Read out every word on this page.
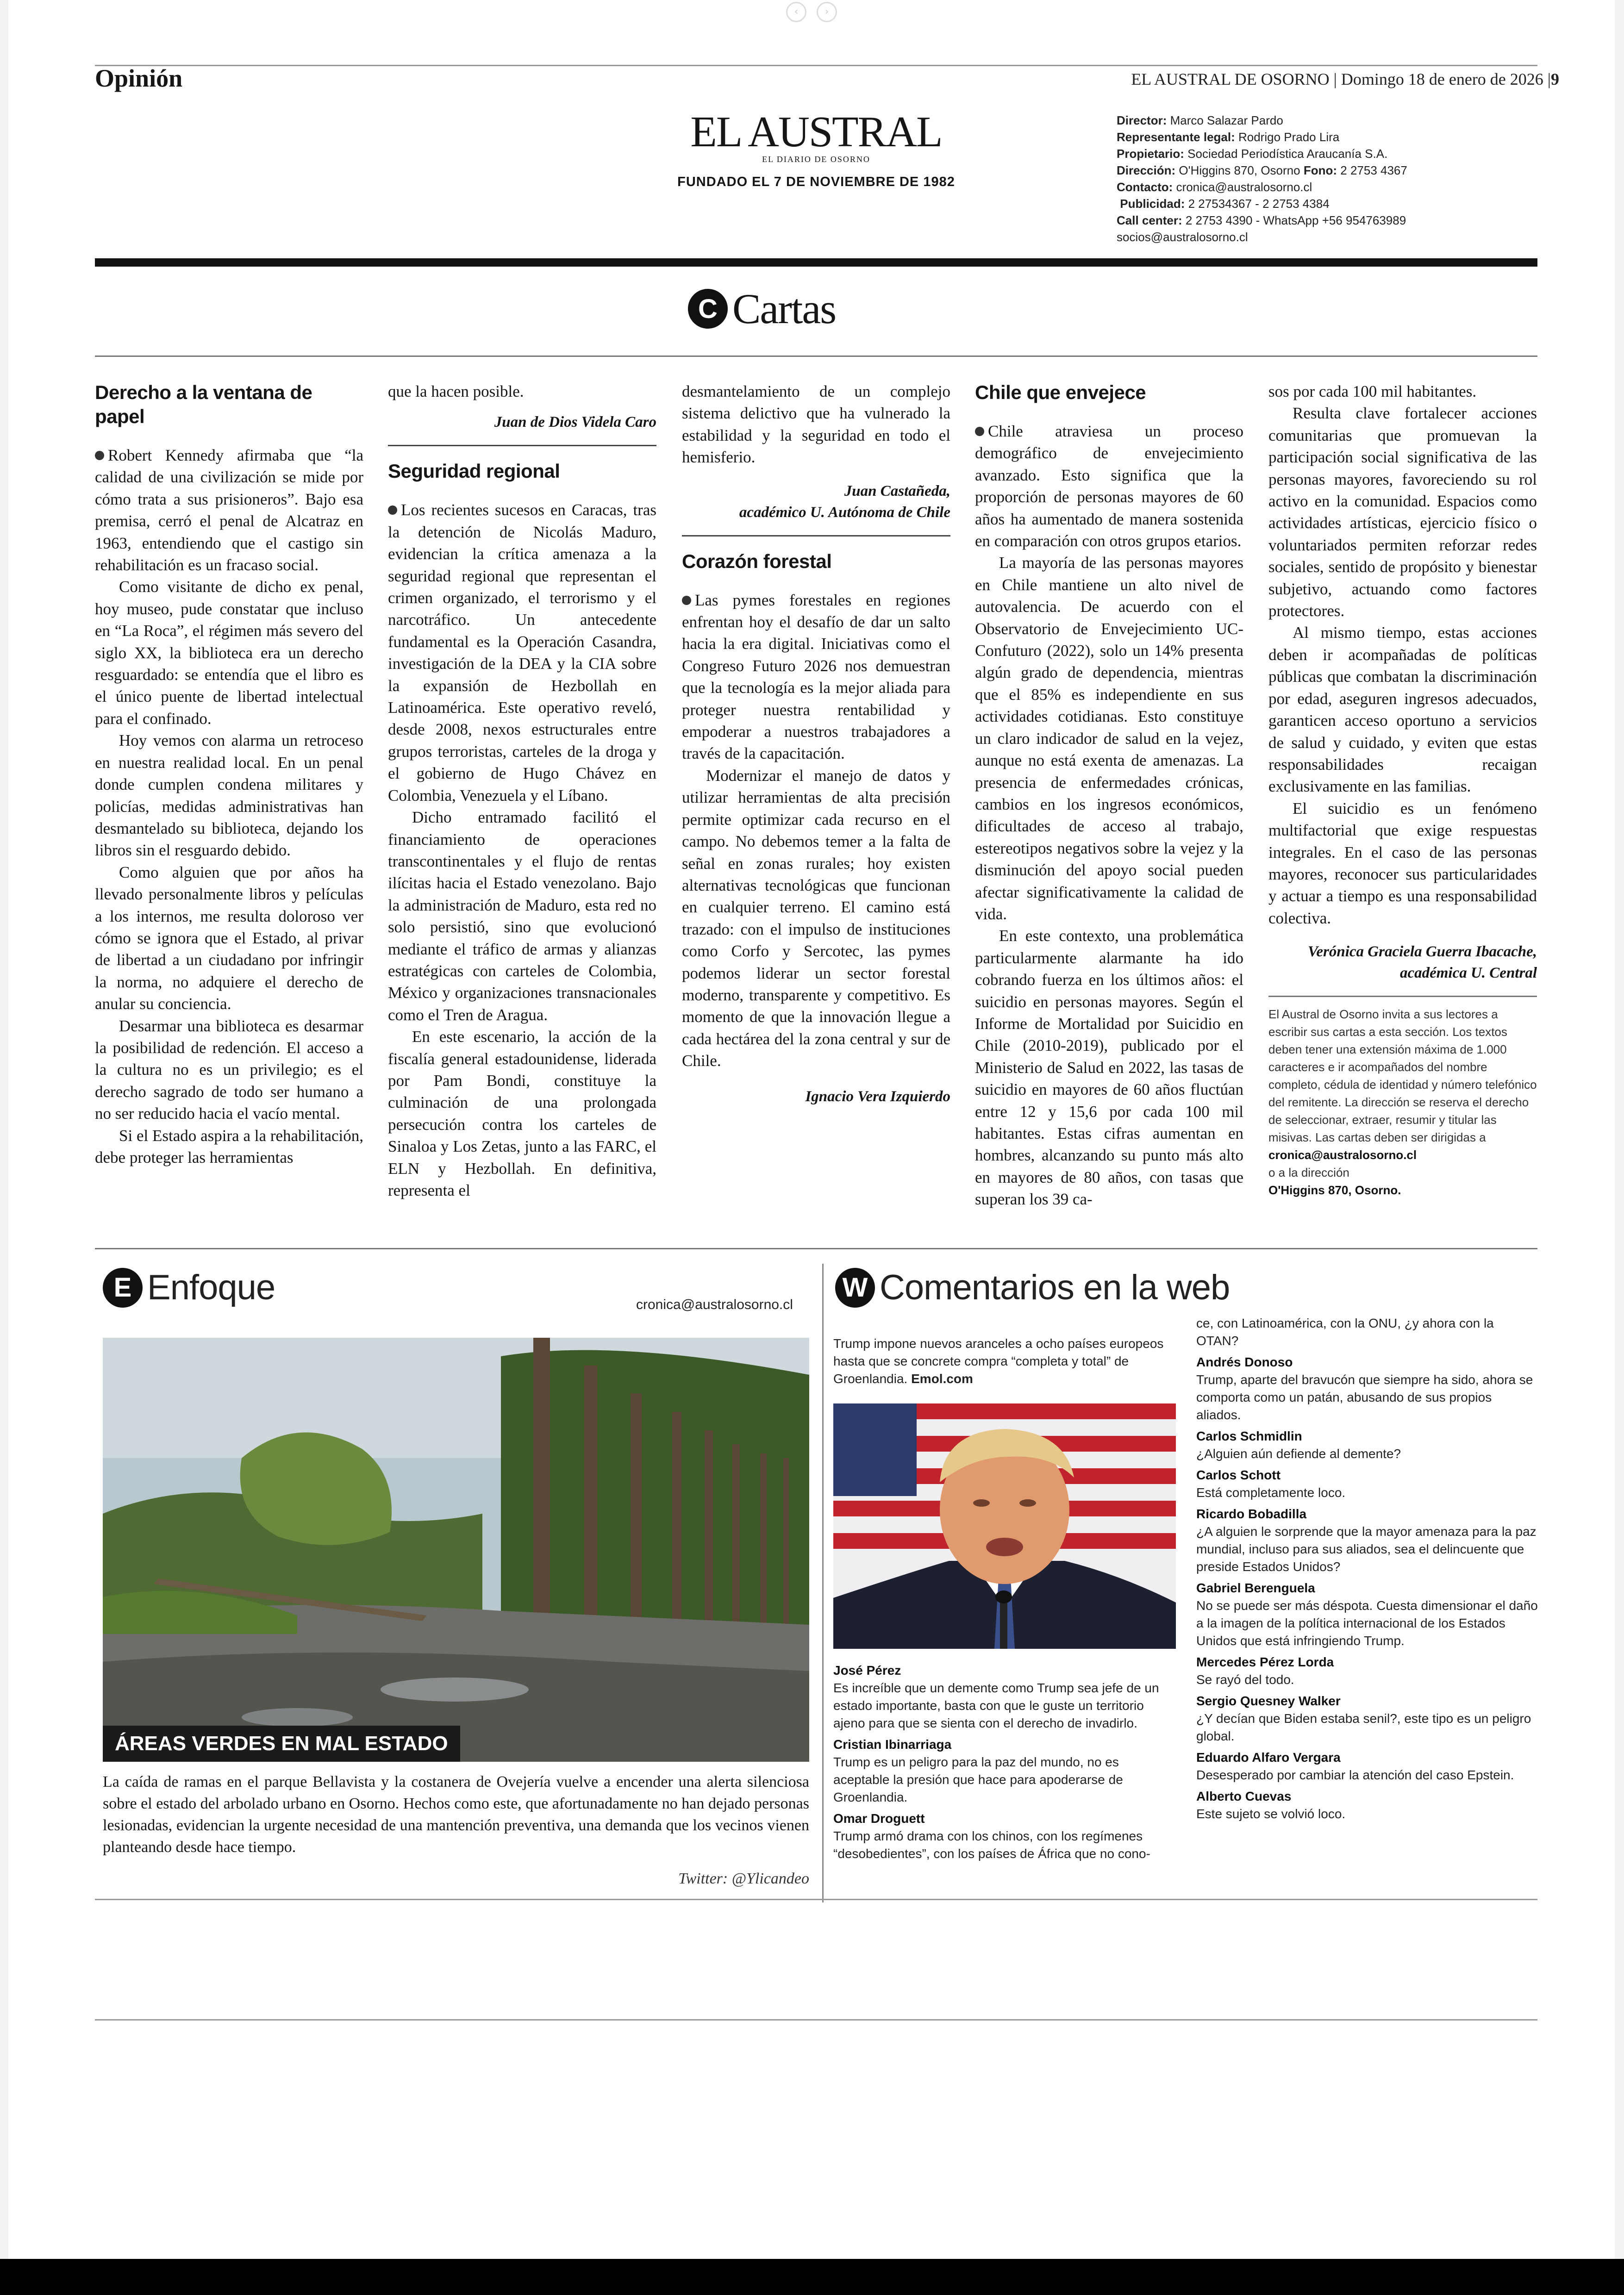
‹	›
Opinión	EL AUSTRAL DE OSORNO | Domingo 18 de enero de 2026 |9
EL AUSTRAL
EL DIARIO DE OSORNO
FUNDADO EL 7 DE NOVIEMBRE DE 1982
Director: Marco Salazar Pardo
Representante legal: Rodrigo Prado Lira
Propietario: Sociedad Periodística Araucanía S.A.
Dirección: O'Higgins 870, Osorno Fono: 2 2753 4367
Contacto: cronica@australosorno.cl
Publicidad: 2 27534367 - 2 2753 4384
Call center: 2 2753 4390 - WhatsApp +56 954763989
socios@australosorno.cl
C Cartas
Derecho a la ventana de papel

Robert Kennedy afirmaba que “la calidad de una civilización se mide por cómo trata a sus prisioneros”. Bajo esa premisa, cerró el penal de Alcatraz en 1963, entendiendo que el castigo sin rehabilitación es un fracaso social.

Como visitante de dicho ex penal, hoy museo, pude constatar que incluso en “La Roca”, el régimen más severo del siglo XX, la biblioteca era un derecho resguardado: se entendía que el libro es el único puente de libertad intelectual para el confinado.

Hoy vemos con alarma un retroceso en nuestra realidad local. En un penal donde cumplen condena militares y policías, medidas administrativas han desmantelado su biblioteca, dejando los libros sin el resguardo debido.

Como alguien que por años ha llevado personalmente libros y películas a los internos, me resulta doloroso ver cómo se ignora que el Estado, al privar de libertad a un ciudadano por infringir la norma, no adquiere el derecho de anular su conciencia.

Desarmar una biblioteca es desarmar la posibilidad de redención. El acceso a la cultura no es un privilegio; es el derecho sagrado de todo ser humano a no ser reducido hacia el vacío mental.

Si el Estado aspira a la rehabilitación, debe proteger las herramientas

que la hacen posible.

Juan de Dios Videla Caro

Seguridad regional

Los recientes sucesos en Caracas, tras la detención de Nicolás Maduro, evidencian la crítica amenaza a la seguridad regional que representan el crimen organizado, el terrorismo y el narcotráfico. Un antecedente fundamental es la Operación Casandra, investigación de la DEA y la CIA sobre la expansión de Hezbollah en Latinoamérica. Este operativo reveló, desde 2008, nexos estructurales entre grupos terroristas, carteles de la droga y el gobierno de Hugo Chávez en Colombia, Venezuela y el Líbano.

Dicho entramado facilitó el financiamiento de operaciones transcontinentales y el flujo de rentas ilícitas hacia el Estado venezolano. Bajo la administración de Maduro, esta red no solo persistió, sino que evolucionó mediante el tráfico de armas y alianzas estratégicas con carteles de Colombia, México y organizaciones transnacionales como el Tren de Aragua.

En este escenario, la acción de la fiscalía general estadounidense, liderada por Pam Bondi, constituye la culminación de una prolongada persecución contra los carteles de Sinaloa y Los Zetas, junto a las FARC, el ELN y Hezbollah. En definitiva, representa el

desmantelamiento de un complejo sistema delictivo que ha vulnerado la estabilidad y la seguridad en todo el hemisferio.

Juan Castañeda,

académico U. Autónoma de Chile

Corazón forestal

Las pymes forestales en regiones enfrentan hoy el desafío de dar un salto hacia la era digital. Iniciativas como el Congreso Futuro 2026 nos demuestran que la tecnología es la mejor aliada para proteger nuestra rentabilidad y empoderar a nuestros trabajadores a través de la capacitación.

Modernizar el manejo de datos y utilizar herramientas de alta precisión permite optimizar cada recurso en el campo. No debemos temer a la falta de señal en zonas rurales; hoy existen alternativas tecnológicas que funcionan en cualquier terreno. El camino está trazado: con el impulso de instituciones como Corfo y Sercotec, las pymes podemos liderar un sector forestal moderno, transparente y competitivo. Es momento de que la innovación llegue a cada hectárea del la zona central y sur de Chile.

Ignacio Vera Izquierdo

Chile que envejece

Chile atraviesa un proceso demográfico de envejecimiento avanzado. Esto significa que la proporción de personas mayores de 60 años ha aumentado de manera sostenida en comparación con otros grupos etarios.

La mayoría de las personas mayores en Chile mantiene un alto nivel de autovalencia. De acuerdo con el Observatorio de Envejecimiento UC-Confuturo (2022), solo un 14% presenta algún grado de dependencia, mientras que el 85% es independiente en sus actividades cotidianas. Esto constituye un claro indicador de salud en la vejez, aunque no está exenta de amenazas. La presencia de enfermedades crónicas, cambios en los ingresos económicos, dificultades de acceso al trabajo, estereotipos negativos sobre la vejez y la disminución del apoyo social pueden afectar significativamente la calidad de vida.

En este contexto, una problemática particularmente alarmante ha ido cobrando fuerza en los últimos años: el suicidio en personas mayores. Según el Informe de Mortalidad por Suicidio en Chile (2010-2019), publicado por el Ministerio de Salud en 2022, las tasas de suicidio en mayores de 60 años fluctúan entre 12 y 15,6 por cada 100 mil habitantes. Estas cifras aumentan en hombres, alcanzando su punto más alto en mayores de 80 años, con tasas que superan los 39 ca-

sos por cada 100 mil habitantes.

Resulta clave fortalecer acciones comunitarias que promuevan la participación social significativa de las personas mayores, favoreciendo su rol activo en la comunidad. Espacios como actividades artísticas, ejercicio físico o voluntariados permiten reforzar redes sociales, sentido de propósito y bienestar subjetivo, actuando como factores protectores.

Al mismo tiempo, estas acciones deben ir acompañadas de políticas públicas que combatan la discriminación por edad, aseguren ingresos adecuados, garanticen acceso oportuno a servicios de salud y cuidado, y eviten que estas responsabilidades recaigan exclusivamente en las familias.

El suicidio es un fenómeno multifactorial que exige respuestas integrales. En el caso de las personas mayores, reconocer sus particularidades y actuar a tiempo es una responsabilidad colectiva.

Verónica Graciela Guerra Ibacache,

académica U. Central

El Austral de Osorno invita a sus lectores a escribir sus cartas a esta sección. Los textos deben tener una extensión máxima de 1.000 caracteres e ir acompañados del nombre completo, cédula de identidad y número telefónico del remitente. La dirección se reserva el derecho de seleccionar, extraer, resumir y titular las misivas. Las cartas deben ser dirigidas a cronica@australosorno.cl
o a la dirección
O'Higgins 870, Osorno.
E Enfoque	cronica@australosorno.cl
ÁREAS VERDES EN MAL ESTADO
La caída de ramas en el parque Bellavista y la costanera de Ovejería vuelve a encender una alerta silenciosa sobre el estado del arbolado urbano en Osorno. Hechos como este, que afortunadamente no han dejado personas lesionadas, evidencian la urgente necesidad de una mantención preventiva, una demanda que los vecinos vienen planteando desde hace tiempo.
Twitter: @Ylicandeo
W Comentarios en la web
Trump impone nuevos aranceles a ocho países europeos hasta que se concrete compra “completa y total” de Groenlandia. Emol.com
José Pérez
Es increíble que un demente como Trump sea jefe de un estado importante, basta con que le guste un territorio ajeno para que se sienta con el derecho de invadirlo.
Cristian Ibinarriaga
Trump es un peligro para la paz del mundo, no es aceptable la presión que hace para apoderarse de Groenlandia.
Omar Droguett
Trump armó drama con los chinos, con los regímenes “desobedientes”, con los países de África que no cono-
ce, con Latinoamérica, con la ONU, ¿y ahora con la OTAN?
Andrés Donoso
Trump, aparte del bravucón que siempre ha sido, ahora se comporta como un patán, abusando de sus propios aliados.
Carlos Schmidlin
¿Alguien aún defiende al demente?
Carlos Schott
Está completamente loco.
Ricardo Bobadilla
¿A alguien le sorprende que la mayor amenaza para la paz mundial, incluso para sus aliados, sea el delincuente que preside Estados Unidos?
Gabriel Berenguela
No se puede ser más déspota. Cuesta dimensionar el daño a la imagen de la política internacional de los Estados Unidos que está infringiendo Trump.
Mercedes Pérez Lorda
Se rayó del todo.
Sergio Quesney Walker
¿Y decían que Biden estaba senil?, este tipo es un peligro global.
Eduardo Alfaro Vergara
Desesperado por cambiar la atención del caso Epstein.
Alberto Cuevas
Este sujeto se volvió loco.
